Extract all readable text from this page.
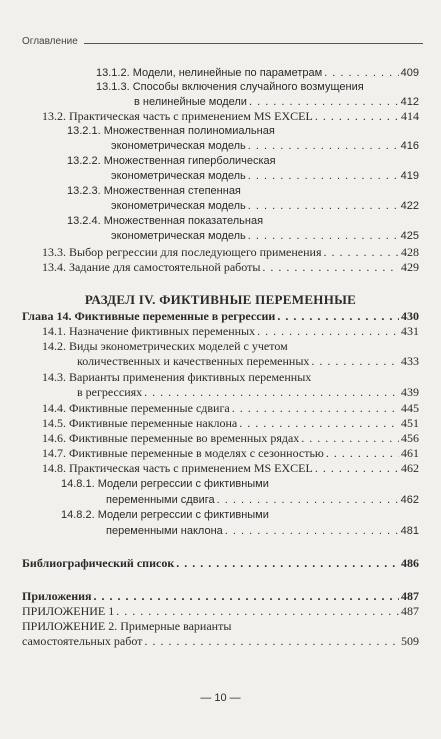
Оглавление
13.1.2. Модели, нелинейные по параметрам . . .	409
13.1.3. Способы включения случайного возмущения
в нелинейные модели . . .	412
13.2. Практическая часть с применением MS EXCEL . . .	414
13.2.1. Множественная полиномиальная
эконометрическая модель . . .	416
13.2.2. Множественная гиперболическая
эконометрическая модель . . .	419
13.2.3. Множественная степенная
эконометрическая модель . . .	422
13.2.4. Множественная показательная
эконометрическая модель . . .	425
13.3. Выбор регрессии для последующего применения . . .	428
13.4. Задание для самостоятельной работы . . .	429
РАЗДЕЛ IV. ФИКТИВНЫЕ ПЕРЕМЕННЫЕ
Глава 14. Фиктивные переменные в регрессии . . .	430
14.1. Назначение фиктивных переменных . . .	431
14.2. Виды эконометрических моделей с учетом
количественных и качественных переменных . . .	433
14.3. Варианты применения фиктивных переменных
в регрессиях . . .	439
14.4. Фиктивные переменные сдвига . . .	445
14.5. Фиктивные переменные наклона . . .	451
14.6. Фиктивные переменные во временных рядах . . .	456
14.7. Фиктивные переменные в моделях с сезонностью . . .	461
14.8. Практическая часть с применением MS EXCEL . . .	462
14.8.1. Модели регрессии с фиктивными
переменными сдвига . . .	462
14.8.2. Модели регрессии с фиктивными
переменными наклона . . .	481
Библиографический список . . .	486
Приложения . . .	487
ПРИЛОЖЕНИЕ 1 . . .	487
ПРИЛОЖЕНИЕ 2. Примерные варианты
самостоятельных работ . . .	509
— 10 —
